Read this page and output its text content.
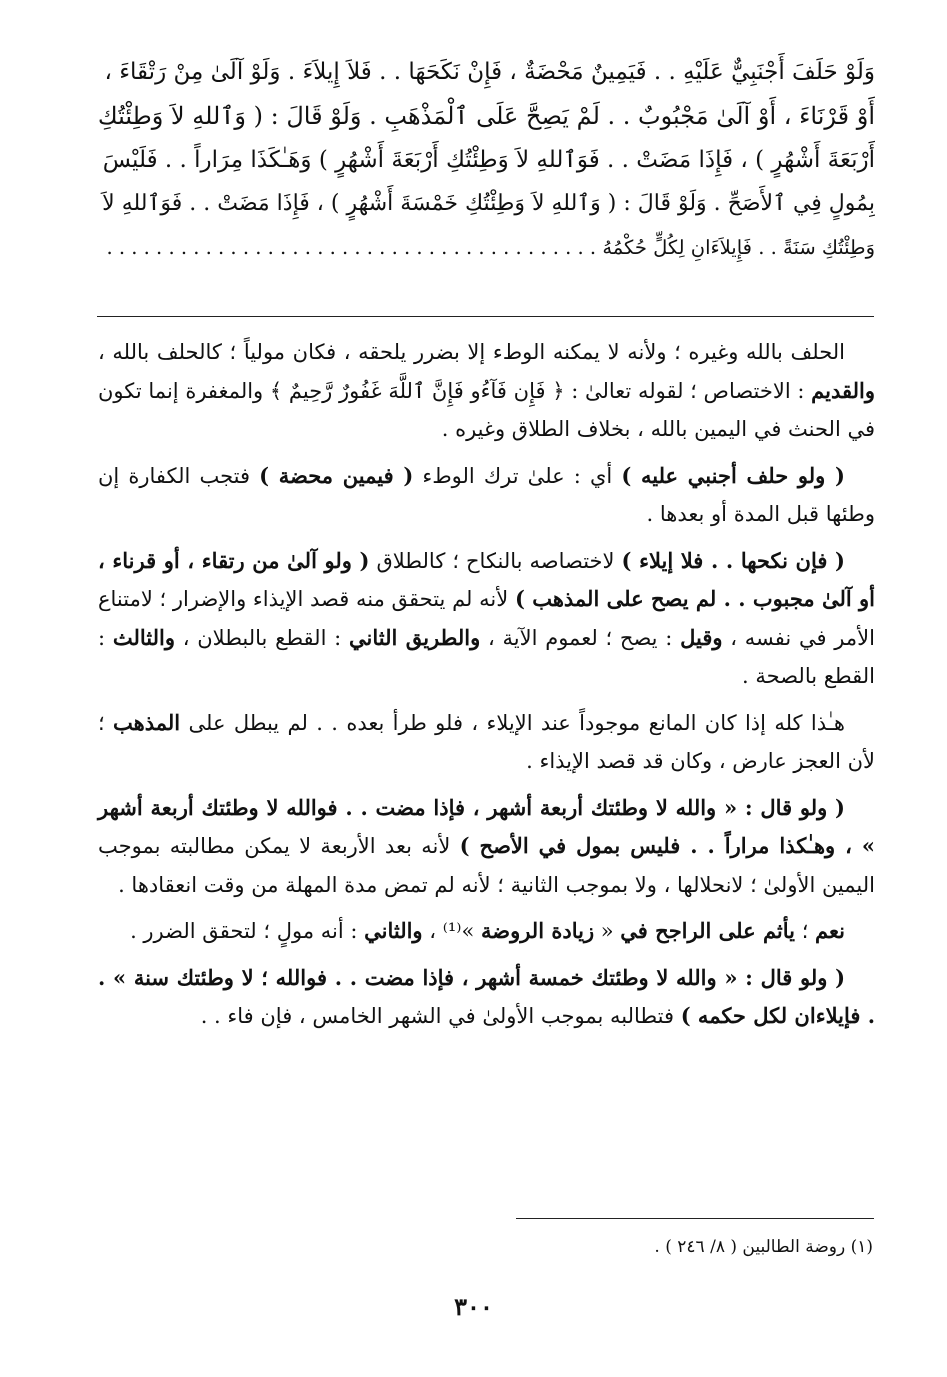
وَلَوْ حَلَفَ أَجْنَبِيٌّ عَلَيْهِ . . فَيَمِينٌ مَحْضَةٌ ، فَإِنْ نَكَحَهَا . . فَلاَ إِيلاَءَ . وَلَوْ آلَىٰ مِنْ رَتْقَاءَ ،
أَوْ قَرْنَاءَ ، أَوْ آلَىٰ مَجْبُوبٌ . . لَمْ يَصِحَّ عَلَى ٱلْمَذْهَبِ . وَلَوْ قَالَ : ( وَٱللهِ لاَ وَطِئْتُكِ
أَرْبَعَةَ أَشْهُرٍ ) ، فَإِذَا مَضَتْ . . فَوَٱللهِ لاَ وَطِئْتُكِ أَرْبَعَةَ أَشْهُرٍ ) وَهَـٰكَذَا مِرَاراً . . فَلَيْسَ
بِمُولٍ فِي ٱلأَصَحِّ . وَلَوْ قَالَ : ( وَٱللهِ لاَ وَطِئْتُكِ خَمْسَةَ أَشْهُرٍ ) ، فَإِذَا مَضَتْ . . فَوَٱللهِ لاَ
وَطِئْتُكِ سَنَةً . . فَإِيلاَءَانِ لِكُلٍّ حُكْمُهُ . . . . . . . . . . . . . . . . . . . . . . . . . . . . . . . . . . . . . . . .

الحلف بالله وغيره ؛ ولأنه لا يمكنه الوطء إلا بضرر يلحقه ، فكان مولياً ؛ كالحلف بالله ، والقديم : الاختصاص ؛ لقوله تعالىٰ : ﴿ فَإِن فَآءُو فَإِنَّ ٱللَّهَ غَفُورٌ رَّحِيمٌ ﴾ والمغفرة إنما تكون في الحنث في اليمين بالله ، بخلاف الطلاق وغيره .

( ولو حلف أجنبي عليه ) أي : علىٰ ترك الوطء ( فيمين محضة ) فتجب الكفارة إن وطئها قبل المدة أو بعدها .

( فإن نكحها . . فلا إيلاء ) لاختصاصه بالنكاح ؛ كالطلاق ( ولو آلىٰ من رتقاء ، أو قرناء ، أو آلىٰ مجبوب . . لم يصح على المذهب ) لأنه لم يتحقق منه قصد الإيذاء والإضرار ؛ لامتناع الأمر في نفسه ، وقيل : يصح ؛ لعموم الآية ، والطريق الثاني : القطع بالبطلان ، والثالث : القطع بالصحة .

هـٰذا كله إذا كان المانع موجوداً عند الإيلاء ، فلو طرأ بعده . . لم يبطل على المذهب ؛ لأن العجز عارض ، وكان قد قصد الإيذاء .

( ولو قال : « والله لا وطئتك أربعة أشهر ، فإذا مضت . . فوالله لا وطئتك أربعة أشهر » ، وهـٰكذا مراراً . . فليس بمول في الأصح ) لأنه بعد الأربعة لا يمكن مطالبته بموجب اليمين الأولىٰ ؛ لانحلالها ، ولا بموجب الثانية ؛ لأنه لم تمض مدة المهلة من وقت انعقادها .

نعم ؛ يأثم على الراجح في « زيادة الروضة »⁽¹⁾ ، والثاني : أنه مولٍ ؛ لتحقق الضرر .

( ولو قال : « والله لا وطئتك خمسة أشهر ، فإذا مضت . . فوالله ؛ لا وطئتك سنة » . . فإيلاءان لكل حكمه ) فتطالبه بموجب الأولىٰ في الشهر الخامس ، فإن فاء . .

(١) روضة الطالبين ( ٨/ ٢٤٦ ) .
٣٠٠
